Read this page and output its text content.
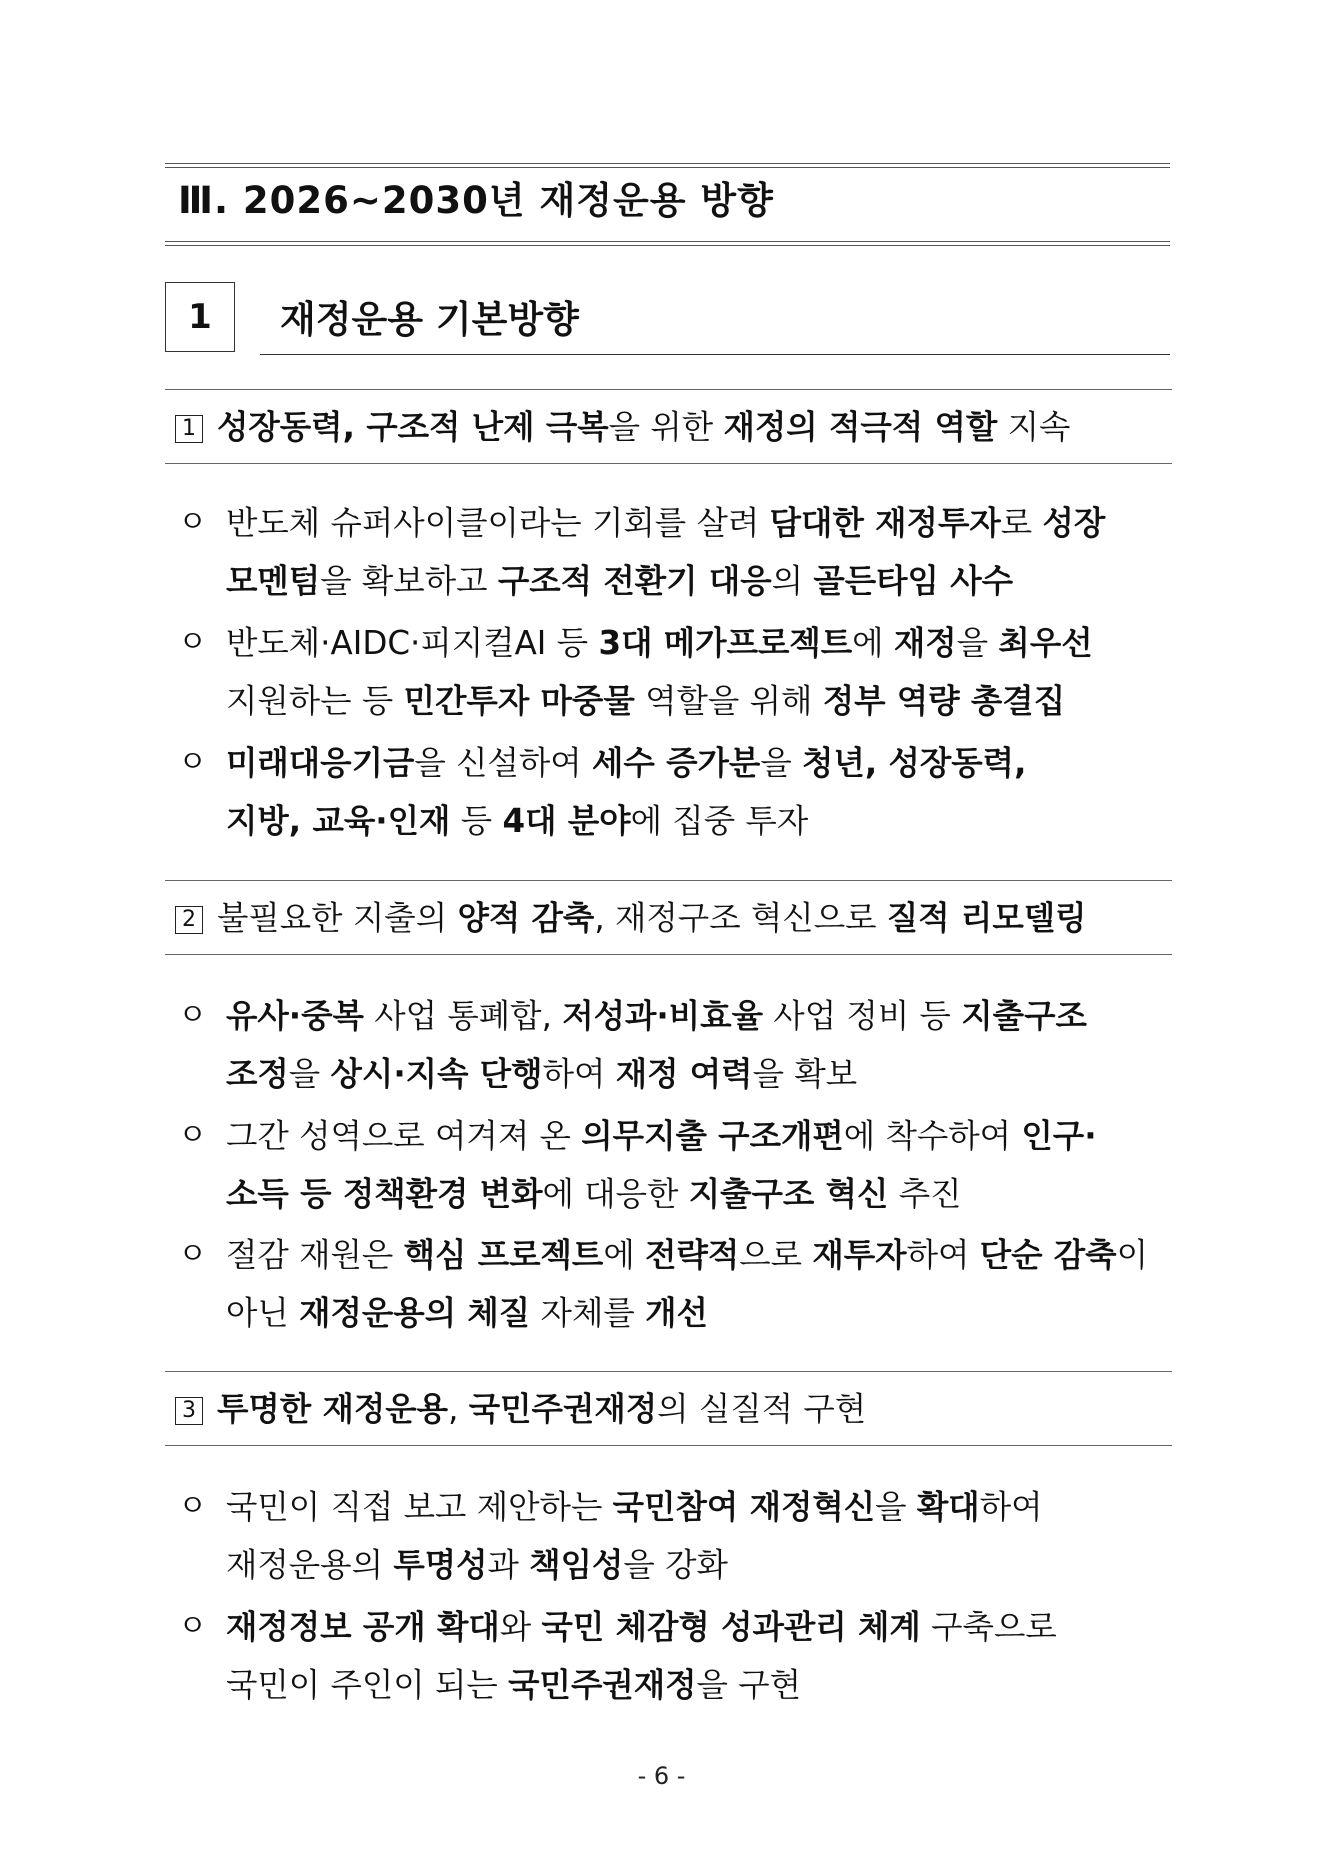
Ⅲ. 2026~2030년 재정운용 방향
1	재정운용 기본방향
1 성장동력, 구조적 난제 극복을 위한 재정의 적극적 역할 지속
ㅇ 반도체 슈퍼사이클이라는 기회를 살려 담대한 재정투자로 성장
모멘텀을 확보하고 구조적 전환기 대응의 골든타임 사수
ㅇ 반도체·AIDC·피지컬AI 등 3대 메가프로젝트에 재정을 최우선
지원하는 등 민간투자 마중물 역할을 위해 정부 역량 총결집
ㅇ 미래대응기금을 신설하여 세수 증가분을 청년, 성장동력,
지방, 교육·인재 등 4대 분야에 집중 투자
2 불필요한 지출의 양적 감축, 재정구조 혁신으로 질적 리모델링
ㅇ 유사·중복 사업 통폐합, 저성과·비효율 사업 정비 등 지출구조
조정을 상시·지속 단행하여 재정 여력을 확보
ㅇ 그간 성역으로 여겨져 온 의무지출 구조개편에 착수하여 인구·
소득 등 정책환경 변화에 대응한 지출구조 혁신 추진
ㅇ 절감 재원은 핵심 프로젝트에 전략적으로 재투자하여 단순 감축이
아닌 재정운용의 체질 자체를 개선
3 투명한 재정운용, 국민주권재정의 실질적 구현
ㅇ 국민이 직접 보고 제안하는 국민참여 재정혁신을 확대하여
재정운용의 투명성과 책임성을 강화
ㅇ 재정정보 공개 확대와 국민 체감형 성과관리 체계 구축으로
국민이 주인이 되는 국민주권재정을 구현
- 6 -
